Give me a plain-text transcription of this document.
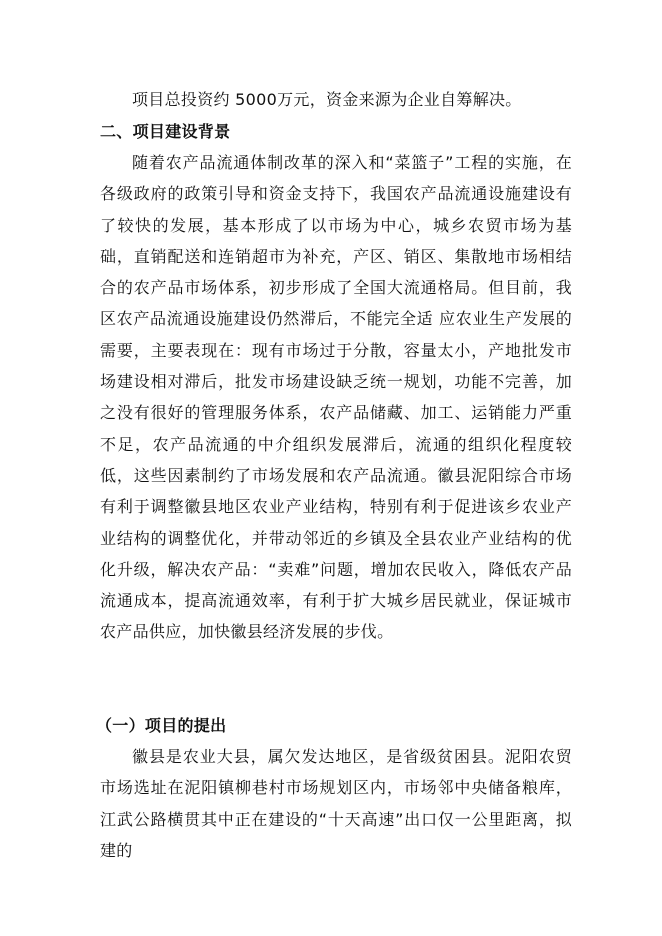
项目总投资约 5000万元，资金来源为企业自筹解决。

二、项目建设背景

随着农产品流通体制改革的深入和“菜篮子”工程的实施，在各级政府的政策引导和资金支持下，我国农产品流通设施建设有了较快的发展，基本形成了以市场为中心，城乡农贸市场为基础，直销配送和连销超市为补充，产区、销区、集散地市场相结合的农产品市场体系，初步形成了全国大流通格局。但目前，我区农产品流通设施建设仍然滞后，不能完全适 应农业生产发展的需要，主要表现在：现有市场过于分散，容量太小，产地批发市场建设相对滞后，批发市场建设缺乏统一规划，功能不完善，加之没有很好的管理服务体系，农产品储藏、加工、运销能力严重不足，农产品流通的中介组织发展滞后，流通的组织化程度较低，这些因素制约了市场发展和农产品流通。徽县泥阳综合市场有利于调整徽县地区农业产业结构，特别有利于促进该乡农业产业结构的调整优化，并带动邻近的乡镇及全县农业产业结构的优化升级，解决农产品：“卖难”问题，增加农民收入，降低农产品流通成本，提高流通效率，有利于扩大城乡居民就业，保证城市农产品供应，加快徽县经济发展的步伐。

（一）项目的提出

徽县是农业大县，属欠发达地区，是省级贫困县。泥阳农贸市场选址在泥阳镇柳巷村市场规划区内，市场邻中央储备粮库，江武公路横贯其中正在建设的“十天高速”出口仅一公里距离，拟建的
